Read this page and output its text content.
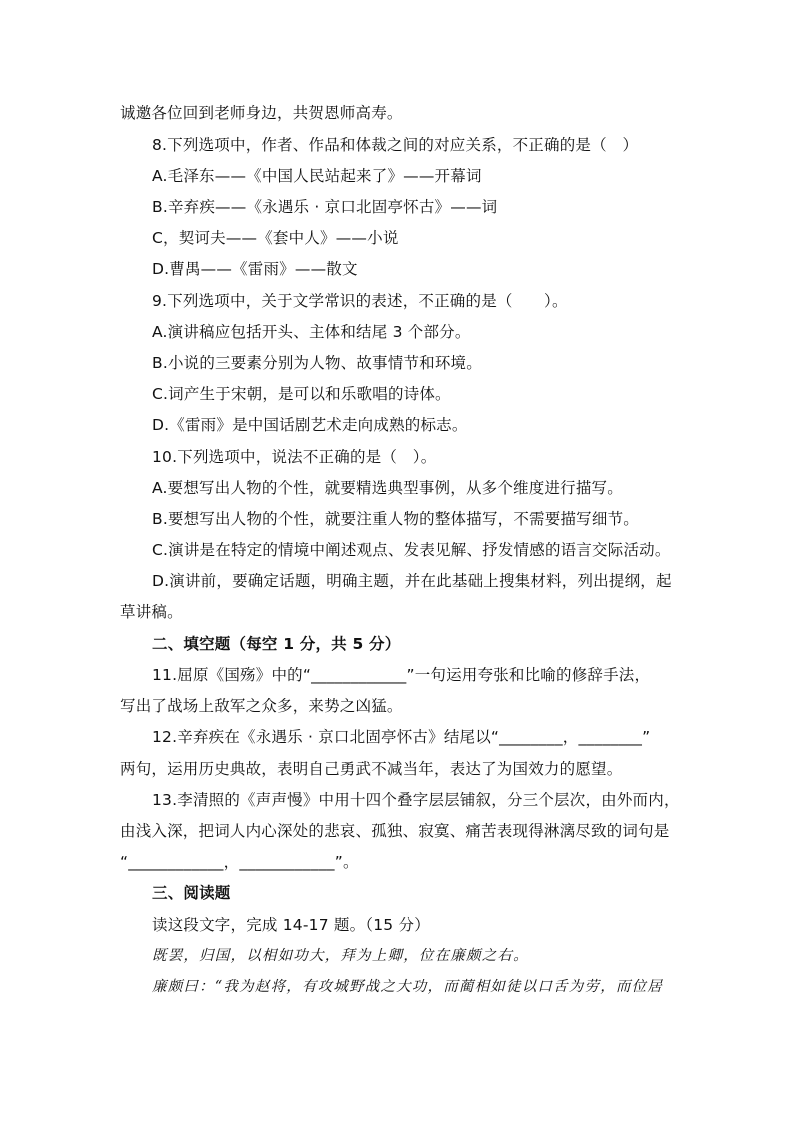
诚邀各位回到老师身边，共贺恩师高寿。
8.下列选项中，作者、作品和体裁之间的对应关系，不正确的是（　）
A.毛泽东——《中国人民站起来了》——开幕词
B.辛弃疾——《永遇乐 · 京口北固亭怀古》——词
C，契诃夫——《套中人》——小说
D.曹禺——《雷雨》——散文
9.下列选项中，关于文学常识的表述，不正确的是（　　）。
A.演讲稿应包括开头、主体和结尾 3 个部分。
B.小说的三要素分别为人物、故事情节和环境。
C.词产生于宋朝，是可以和乐歌唱的诗体。
D.《雷雨》是中国话剧艺术走向成熟的标志。
10.下列选项中，说法不正确的是（　）。
A.要想写出人物的个性，就要精选典型事例，从多个维度进行描写。
B.要想写出人物的个性，就要注重人物的整体描写，不需要描写细节。
C.演讲是在特定的情境中阐述观点、发表见解、抒发情感的语言交际活动。
D.演讲前，要确定话题，明确主题，并在此基础上搜集材料，列出提纲，起
草讲稿。
二、填空题（每空 1 分，共 5 分）
11.屈原《国殇》中的“____________”一句运用夸张和比喻的修辞手法，
写出了战场上敌军之众多，来势之凶猛。
12.辛弃疾在《永遇乐 · 京口北固亭怀古》结尾以“________，________”
两句，运用历史典故，表明自己勇武不减当年，表达了为国效力的愿望。
13.李清照的《声声慢》中用十四个叠字层层铺叙，分三个层次，由外而内，
由浅入深，把词人内心深处的悲哀、孤独、寂寞、痛苦表现得淋漓尽致的词句是
“____________，____________”。
三、阅读题
读这段文字，完成 14-17 题。（15 分）
既罢，归国，以相如功大，拜为上卿，位在廉颇之右。
廉颇曰：“我为赵将，有攻城野战之大功，而蔺相如徒以口舌为劳，而位居
